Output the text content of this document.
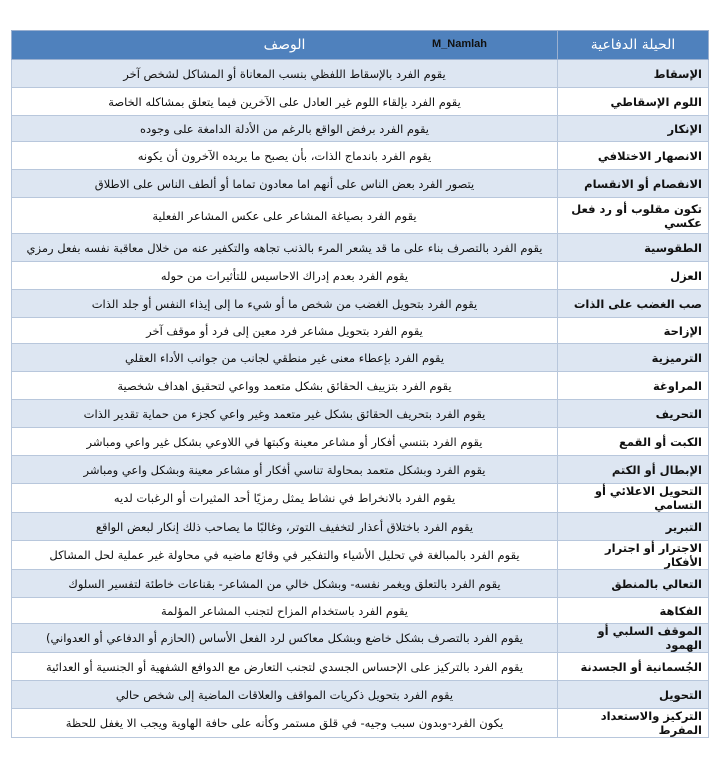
الحيلة الدفاعية	الوصف M_Namlah

الإسقاط	يقوم الفرد بالإسقاط اللفظي بنسب المعاناة أو المشاكل لشخص آخر
اللوم الإسقاطي	يقوم الفرد بإلقاء اللوم غير العادل على الآخرين فيما يتعلق بمشاكله الخاصة
الإنكار	يقوم الفرد برفض الواقع بالرغم من الأدلة الدامغة على وجوده
الانصهار الاختلافي	يقوم الفرد باندماج الذات، بأن يصبح ما يريده الآخرون أن يكونه
الانفصام أو الانقسام	يتصور الفرد بعض الناس على أنهم اما معادون تماما أو ألطف الناس على الاطلاق
تكون مقلوب أو رد فعل عكسي	يقوم الفرد بصياغة المشاعر على عكس المشاعر الفعلية
الطقوسية	يقوم الفرد بالتصرف بناء على ما قد يشعر المرء بالذنب تجاهه والتكفير عنه من خلال معاقبة نفسه بفعل رمزي
العزل	يقوم الفرد بعدم إدراك الاحاسيس للتأثيرات من حوله
صب الغضب على الذات	يقوم الفرد بتحويل الغضب من شخص ما أو شيء ما إلى إيذاء النفس أو جلد الذات
الإزاحة	يقوم الفرد بتحويل مشاعر فرد معين إلى فرد أو موقف آخر
الترميزية	يقوم الفرد بإعطاء معنى غير منطقي لجانب من جوانب الأداء العقلي
المراوغة	يقوم الفرد بتزييف الحقائق بشكل متعمد وواعي لتحقيق اهداف شخصية
التحريف	يقوم الفرد بتحريف الحقائق بشكل غير متعمد وغير واعي كجزء من حماية تقدير الذات
الكبت أو القمع	يقوم الفرد بتنسي أفكار أو مشاعر معينة وكبتها في اللاوعي بشكل غير واعي ومباشر
الإبطال أو الكتم	يقوم الفرد وبشكل متعمد بمحاولة تناسي أفكار أو مشاعر معينة وبشكل واعي ومباشر
التحويل الاعلائي أو التسامي	يقوم الفرد بالانخراط في نشاط يمثل رمزيًا أحد المثيرات أو الرغبات لديه
التبرير	يقوم الفرد باختلاق أعذار لتخفيف التوتر، وغالبًا ما يصاحب ذلك إنكار لبعض الواقع
الاجترار أو اجترار الأفكار	يقوم الفرد بالمبالغة في تحليل الأشياء والتفكير في وقائع ماضيه في محاولة غير عملية لحل المشاكل
التعالي بالمنطق	يقوم الفرد بالتعلق ويغمر نفسه- وبشكل خالي من المشاعر- بقناعات خاطئة لتفسير السلوك
الفكاهة	يقوم الفرد باستخدام المزاح لتجنب المشاعر المؤلمة
الموقف السلبي أو الهمود	يقوم الفرد بالتصرف بشكل خاضع وبشكل معاكس لرد الفعل الأساس (الحازم أو الدفاعي أو العدواني)
الجُسمانية أو الجسدنة	يقوم الفرد بالتركيز على الإحساس الجسدي لتجنب التعارض مع الدوافع الشفهية أو الجنسية أو العدائية
التحويل	يقوم الفرد بتحويل ذكريات المواقف والعلاقات الماضية إلى شخص حالي
التركيز والاستعداد المفرط	يكون الفرد-وبدون سبب وجيه- في قلق مستمر وكأنه على حافة الهاوية ويجب الا يغفل للحظة
